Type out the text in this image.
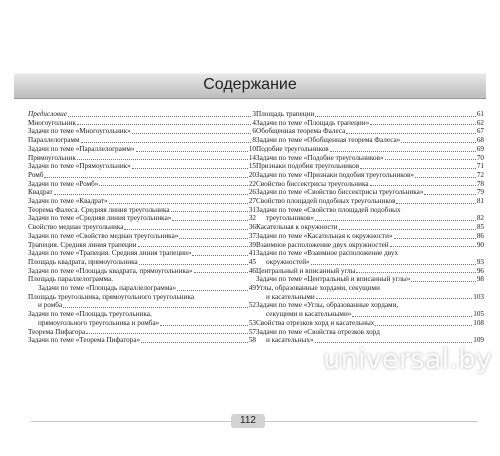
Содержание
Предисловие	3
Многоугольник	4
Задачи по теме «Многоугольник»	6
Параллелограмм	8
Задачи по теме «Параллелограмм»	10
Прямоугольник	14
Задачи по теме «Прямоугольник»	15
Ромб	20
Задачи по теме «Ромб»	22
Квадрат	26
Задачи по теме «Квадрат»	27
Теорема Фалеса. Средняя линия треугольника	31
Задачи по теме «Средняя линия треугольника»	32
Свойство медиан треугольника	36
Задачи по теме «Свойство медиан треугольника»	37
Трапеция. Средняя линия трапеции	39
Задачи по теме «Трапеция. Средняя линия трапеции»	41
Площадь квадрата, прямоугольника	45
Задачи по теме «Площадь квадрата, прямоугольника»	46
Площадь параллелограмма.
Задачи по теме «Площадь параллелограмма»	49
Площадь треугольника, прямоугольного треугольника
и ромба	52
Задачи по теме «Площадь треугольника,
прямоугольного треугольника и ромба»	53
Теорема Пифагора	57
Задачи по теме «Теорема Пифагора»	58
Площадь трапеции	61
Задачи по теме «Площадь трапеции»	62
Обобщенная теорема Фалеса	67
Задачи по теме «Обобщенная теорема Фалеса»	68
Подобие треугольников	69
Задачи по теме «Подобие треугольников»	70
Признаки подобия треугольников	71
Задачи по теме «Признаки подобия треугольников»	72
Свойство биссектрисы треугольника	78
Задачи по теме «Свойство биссектрисы треугольника»	79
Свойство площадей подобных треугольников	81
Задачи по теме «Свойство площадей подобных
треугольников»	82
Касательная к окружности	85
Задачи по теме «Касательная к окружности»	86
Взаимное расположение двух окружностей	90
Задачи по теме «Взаимное расположение двух
окружностей»	93
Центральный и вписанный углы	96
Задачи по теме «Центральный и вписанный углы»	98
Углы, образованные хордами, секущими
и касательными	103
Задачи по теме «Углы, образованные хордами,
секущими и касательными»	105
Свойства отрезков хорд и касательных	108
Задачи по теме «Свойства отрезков хорд
и касательных»	109
112
universal.by
